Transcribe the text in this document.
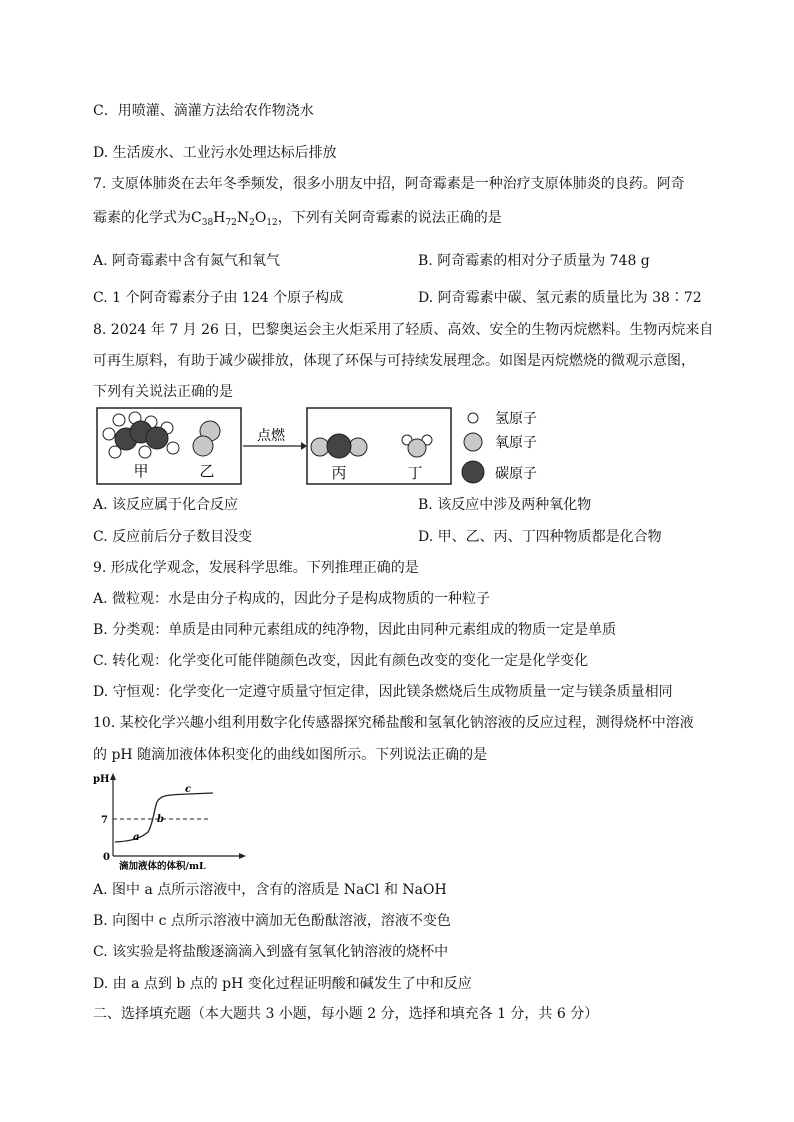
C．用喷灌、滴灌方法给农作物浇水
D. 生活废水、工业污水处理达标后排放
7. 支原体肺炎在去年冬季频发，很多小朋友中招，阿奇霉素是一种治疗支原体肺炎的良药。阿奇
霉素的化学式为$C_{38}H_{72}N_2O_{12}$，下列有关阿奇霉素的说法正确的是
A. 阿奇霉素中含有氮气和氧气	B. 阿奇霉素的相对分子质量为 748 g
C. 1 个阿奇霉素分子由 124 个原子构成	D. 阿奇霉素中碳、氢元素的质量比为 38∶72
8. 2024 年 7 月 26 日，巴黎奥运会主火炬采用了轻质、高效、安全的生物丙烷燃料。生物丙烷来自
可再生原料，有助于减少碳排放，体现了环保与可持续发展理念。如图是丙烷燃烧的微观示意图，
下列有关说法正确的是
甲	乙
点燃
丙	丁
氢原子
氧原子
碳原子
A. 该反应属于化合反应	B. 该反应中涉及两种氧化物
C. 反应前后分子数目没变	D. 甲、乙、丙、丁四种物质都是化合物
9. 形成化学观念，发展科学思维。下列推理正确的是
A. 微粒观：水是由分子构成的，因此分子是构成物质的一种粒子
B. 分类观：单质是由同种元素组成的纯净物，因此由同种元素组成的物质一定是单质
C. 转化观：化学变化可能伴随颜色改变，因此有颜色改变的变化一定是化学变化
D. 守恒观：化学变化一定遵守质量守恒定律，因此镁条燃烧后生成物质量一定与镁条质量相同
10. 某校化学兴趣小组利用数字化传感器探究稀盐酸和氢氧化钠溶液的反应过程，测得烧杯中溶液
的 pH 随滴加液体体积变化的曲线如图所示。下列说法正确的是
pH
7
0
a
b
c
滴加液体的体积/mL
A. 图中 a 点所示溶液中，含有的溶质是 NaCl 和 NaOH
B. 向图中 c 点所示溶液中滴加无色酚酞溶液，溶液不变色
C. 该实验是将盐酸逐滴滴入到盛有氢氧化钠溶液的烧杯中
D. 由 a 点到 b 点的 pH 变化过程证明酸和碱发生了中和反应
二、选择填充题（本大题共 3 小题，每小题 2 分，选择和填充各 1 分，共 6 分）
